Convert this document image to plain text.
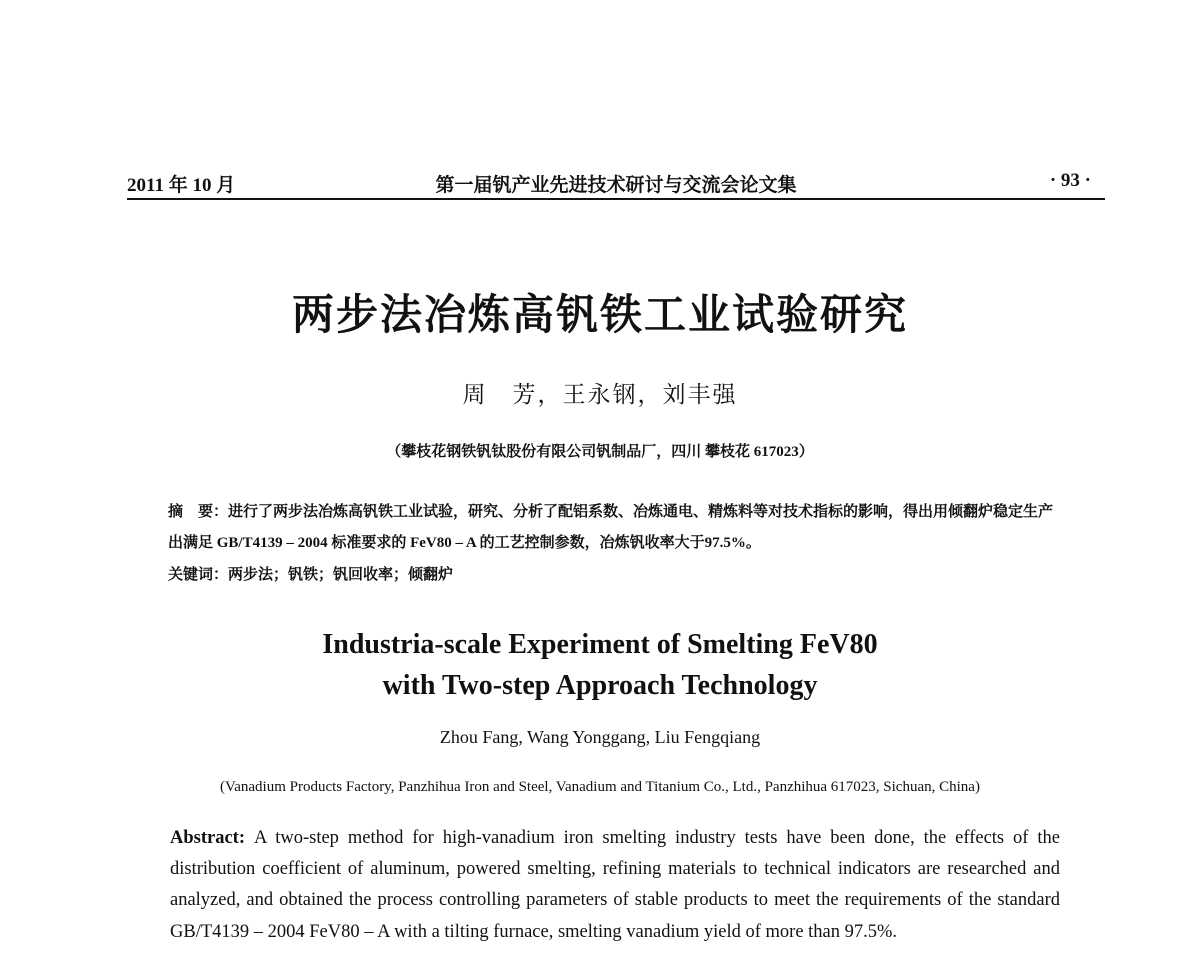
2011 年 10 月	第一届钒产业先进技术研讨与交流会论文集	· 93 ·
两步法冶炼高钒铁工业试验研究
周　芳，王永钢，刘丰强
（攀枝花钢铁钒钛股份有限公司钒制品厂，四川 攀枝花 617023）
摘　要：进行了两步法冶炼高钒铁工业试验，研究、分析了配铝系数、冶炼通电、精炼料等对技术指标的影响，得出用倾翻炉稳定生产出满足 GB/T4139 – 2004 标准要求的 FeV80 – A 的工艺控制参数，冶炼钒收率大于97.5%。
关键词：两步法；钒铁；钒回收率；倾翻炉
Industria-scale Experiment of Smelting FeV80
with Two-step Approach Technology
Zhou Fang, Wang Yonggang, Liu Fengqiang
(Vanadium Products Factory, Panzhihua Iron and Steel, Vanadium and Titanium Co., Ltd., Panzhihua 617023, Sichuan, China)
Abstract: A two-step method for high-vanadium iron smelting industry tests have been done, the effects of the distribution coefficient of aluminum, powered smelting, refining materials to technical indicators are researched and analyzed, and obtained the process controlling parameters of stable products to meet the requirements of the standard GB/T4139 – 2004 FeV80 – A with a tilting furnace, smelting vanadium yield of more than 97.5%.
